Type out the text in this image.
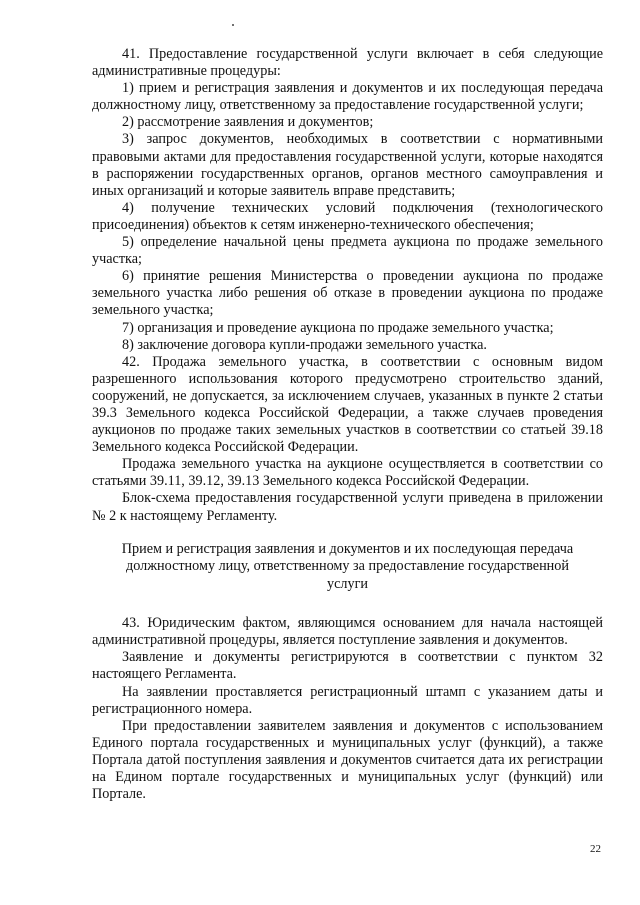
41. Предоставление государственной услуги включает в себя следующие административные процедуры:

1) прием и регистрация заявления и документов и их последующая передача должностному лицу, ответственному за предоставление государственной услуги;

2) рассмотрение заявления и документов;

3) запрос документов, необходимых в соответствии с нормативными правовыми актами для предоставления государственной услуги, которые находятся в распоряжении государственных органов, органов местного самоуправления и иных организаций и которые заявитель вправе представить;

4) получение технических условий подключения (технологического присоединения) объектов к сетям инженерно-технического обеспечения;

5) определение начальной цены предмета аукциона по продаже земельного участка;

6) принятие решения Министерства о проведении аукциона по продаже земельного участка либо решения об отказе в проведении аукциона по продаже земельного участка;

7) организация и проведение аукциона по продаже земельного участка;

8) заключение договора купли-продажи земельного участка.

42. Продажа земельного участка, в соответствии с основным видом разрешенного использования которого предусмотрено строительство зданий, сооружений, не допускается, за исключением случаев, указанных в пункте 2 статьи 39.3 Земельного кодекса Российской Федерации, а также случаев проведения аукционов по продаже таких земельных участков в соответствии со статьей 39.18 Земельного кодекса Российской Федерации.

Продажа земельного участка на аукционе осуществляется в соответствии со статьями 39.11, 39.12, 39.13 Земельного кодекса Российской Федерации.

Блок-схема предоставления государственной услуги приведена в приложении № 2 к настоящему Регламенту.

Прием и регистрация заявления и документов и их последующая передача

должностному лицу, ответственному за предоставление государственной

услуги

43. Юридическим фактом, являющимся основанием для начала настоящей административной процедуры, является поступление заявления и документов.

Заявление и документы регистрируются в соответствии с пунктом 32 настоящего Регламента.

На заявлении проставляется регистрационный штамп с указанием даты и регистрационного номера.

При предоставлении заявителем заявления и документов с использованием Единого портала государственных и муниципальных услуг (функций), а также Портала датой поступления заявления и документов считается дата их регистрации на Едином портале государственных и муниципальных услуг (функций) или Портале.

22
